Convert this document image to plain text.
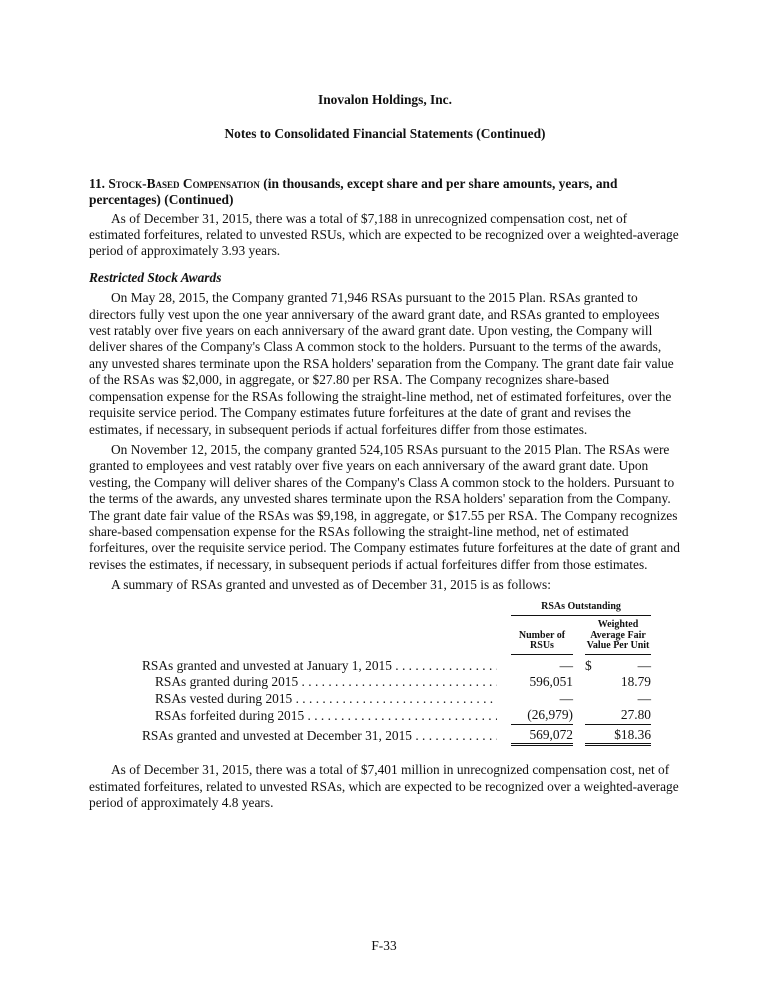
Inovalon Holdings, Inc.
Notes to Consolidated Financial Statements (Continued)
11. Stock-Based Compensation (in thousands, except share and per share amounts, years, and percentages) (Continued)

As of December 31, 2015, there was a total of $7,188 in unrecognized compensation cost, net of estimated forfeitures, related to unvested RSUs, which are expected to be recognized over a weighted-average period of approximately 3.93 years.

Restricted Stock Awards

On May 28, 2015, the Company granted 71,946 RSAs pursuant to the 2015 Plan. RSAs granted to directors fully vest upon the one year anniversary of the award grant date, and RSAs granted to employees vest ratably over five years on each anniversary of the award grant date. Upon vesting, the Company will deliver shares of the Company's Class A common stock to the holders. Pursuant to the terms of the awards, any unvested shares terminate upon the RSA holders' separation from the Company. The grant date fair value of the RSAs was $2,000, in aggregate, or $27.80 per RSA. The Company recognizes share-based compensation expense for the RSAs following the straight-line method, net of estimated forfeitures, over the requisite service period. The Company estimates future forfeitures at the date of grant and revises the estimates, if necessary, in subsequent periods if actual forfeitures differ from those estimates.

On November 12, 2015, the company granted 524,105 RSAs pursuant to the 2015 Plan. The RSAs were granted to employees and vest ratably over five years on each anniversary of the award grant date. Upon vesting, the Company will deliver shares of the Company's Class A common stock to the holders. Pursuant to the terms of the awards, any unvested shares terminate upon the RSA holders' separation from the Company. The grant date fair value of the RSAs was $9,198, in aggregate, or $17.55 per RSA. The Company recognizes share-based compensation expense for the RSAs following the straight-line method, net of estimated forfeitures, over the requisite service period. The Company estimates future forfeitures at the date of grant and revises the estimates, if necessary, in subsequent periods if actual forfeitures differ from those estimates.

A summary of RSAs granted and unvested as of December 31, 2015 is as follows:

		RSAs Outstanding				
		Number of RSUs		Weighted Average Fair Value Per Unit		

RSAs granted and unvested at January 1, 2015 . . .		—		$	—	
RSAs granted during 2015 . . .		596,051			18.79	
RSAs vested during 2015 . . .		—			—	
RSAs forfeited during 2015 . . .		(26,979)			27.80	
RSAs granted and unvested at December 31, 2015 . . .		569,072			$18.36	

As of December 31, 2015, there was a total of $7,401 million in unrecognized compensation cost, net of estimated forfeitures, related to unvested RSAs, which are expected to be recognized over a weighted-average period of approximately 4.8 years.

F-33
